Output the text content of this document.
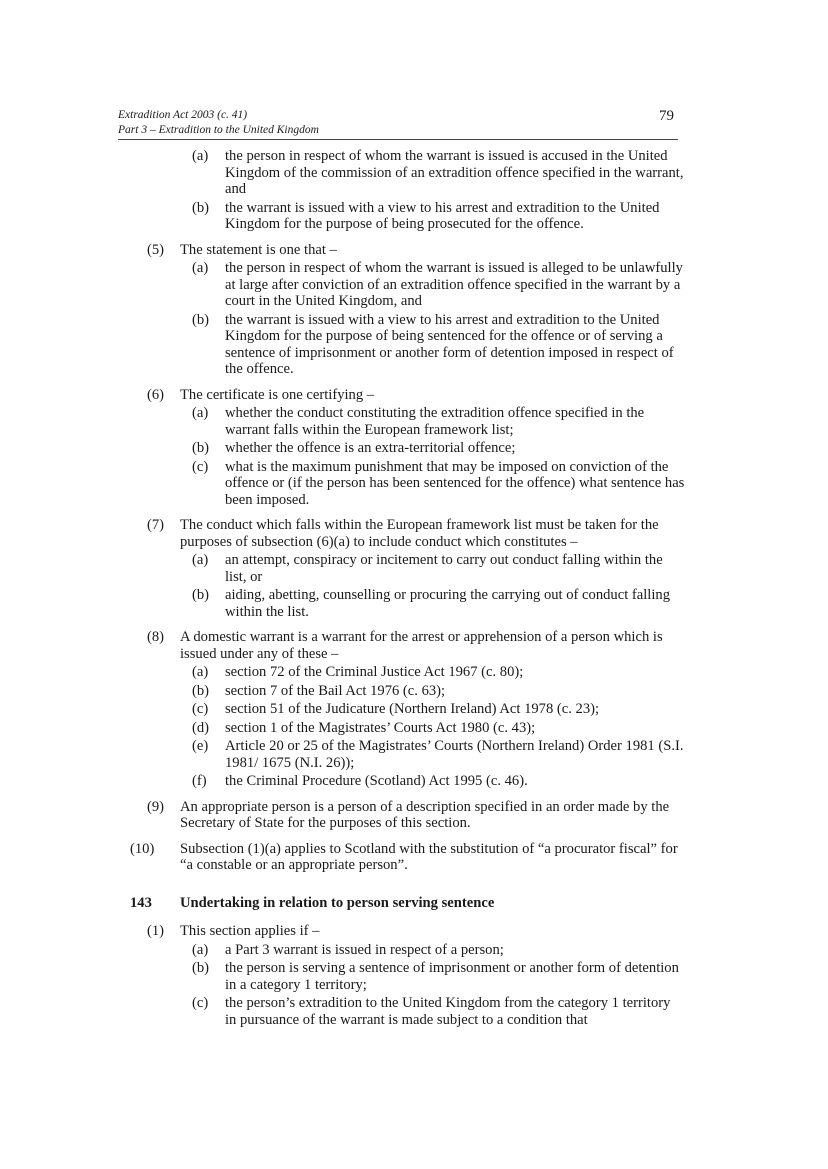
Extradition Act 2003 (c. 41)
Part 3 – Extradition to the United Kingdom
79
(a) the person in respect of whom the warrant is issued is accused in the United Kingdom of the commission of an extradition offence specified in the warrant, and
(b) the warrant is issued with a view to his arrest and extradition to the United Kingdom for the purpose of being prosecuted for the offence.
(5) The statement is one that –
(a) the person in respect of whom the warrant is issued is alleged to be unlawfully at large after conviction of an extradition offence specified in the warrant by a court in the United Kingdom, and
(b) the warrant is issued with a view to his arrest and extradition to the United Kingdom for the purpose of being sentenced for the offence or of serving a sentence of imprisonment or another form of detention imposed in respect of the offence.
(6) The certificate is one certifying –
(a) whether the conduct constituting the extradition offence specified in the warrant falls within the European framework list;
(b) whether the offence is an extra-territorial offence;
(c) what is the maximum punishment that may be imposed on conviction of the offence or (if the person has been sentenced for the offence) what sentence has been imposed.
(7) The conduct which falls within the European framework list must be taken for the purposes of subsection (6)(a) to include conduct which constitutes –
(a) an attempt, conspiracy or incitement to carry out conduct falling within the list, or
(b) aiding, abetting, counselling or procuring the carrying out of conduct falling within the list.
(8) A domestic warrant is a warrant for the arrest or apprehension of a person which is issued under any of these –
(a) section 72 of the Criminal Justice Act 1967 (c. 80);
(b) section 7 of the Bail Act 1976 (c. 63);
(c) section 51 of the Judicature (Northern Ireland) Act 1978 (c. 23);
(d) section 1 of the Magistrates’ Courts Act 1980 (c. 43);
(e) Article 20 or 25 of the Magistrates’ Courts (Northern Ireland) Order 1981 (S.I. 1981/ 1675 (N.I. 26));
(f) the Criminal Procedure (Scotland) Act 1995 (c. 46).
(9) An appropriate person is a person of a description specified in an order made by the Secretary of State for the purposes of this section.
(10) Subsection (1)(a) applies to Scotland with the substitution of “a procurator fiscal” for “a constable or an appropriate person”.
143 Undertaking in relation to person serving sentence
(1) This section applies if –
(a) a Part 3 warrant is issued in respect of a person;
(b) the person is serving a sentence of imprisonment or another form of detention in a category 1 territory;
(c) the person’s extradition to the United Kingdom from the category 1 territory in pursuance of the warrant is made subject to a condition that
